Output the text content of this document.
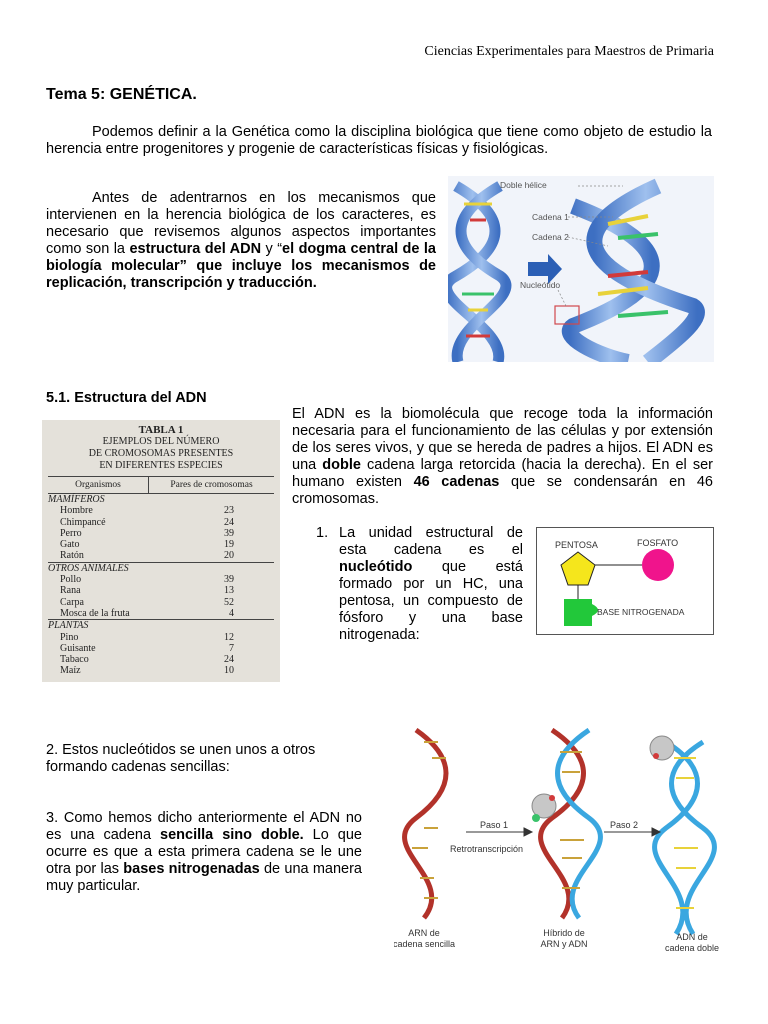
Ciencias Experimentales para Maestros de Primaria
Tema 5: GENÉTICA.
Podemos definir a la Genética como la disciplina biológica que tiene como objeto de estudio la herencia entre progenitores y progenie de características físicas y fisiológicas.
Antes de adentrarnos en los mecanismos que intervienen en la herencia biológica de los caracteres, es necesario que revisemos algunos aspectos importantes como son la estructura del ADN y “el dogma central de la biología molecular” que incluye los mecanismos de replicación, transcripción y traducción.
Doble hélice
Cadena 1
Cadena 2
Nucleótido
5.1. Estructura del ADN
TABLA 1
EJEMPLOS DEL NÚMERO
DE CROMOSOMAS PRESENTES
EN DIFERENTES ESPECIES
Organismos	Pares de cromosomas
MAMÍFEROS
Hombre	23
Chimpancé	24
Perro	39
Gato	19
Ratón	20
OTROS ANIMALES
Pollo	39
Rana	13
Carpa	52
Mosca de la fruta	4
PLANTAS
Pino	12
Guisante	7
Tabaco	24
Maíz	10
El ADN es la biomolécula que recoge toda la información necesaria para el funcionamiento de las células y por extensión de los seres vivos, y que se hereda de padres a hijos. El ADN es una doble cadena larga retorcida (hacia la derecha). En el ser humano existen 46 cadenas que se condensarán en 46 cromosomas.
1. La unidad estructural de esta cadena es el nucleótido que está formado por un HC, una pentosa, un compuesto de fósforo y una base nitrogenada:
PENTOSA	FOSFATO
BASE NITROGENADA
2. Estos nucleótidos se unen unos a otros formando cadenas sencillas:
3. Como hemos dicho anteriormente el ADN no es una cadena sencilla sino doble. Lo que ocurre es que a esta primera cadena se le une otra por las bases nitrogenadas de una manera muy particular.
Paso 1	Paso 2
Retrotranscripción
ARN de
cadena sencilla
Híbrido de
ARN y ADN
ADN de
cadena doble
